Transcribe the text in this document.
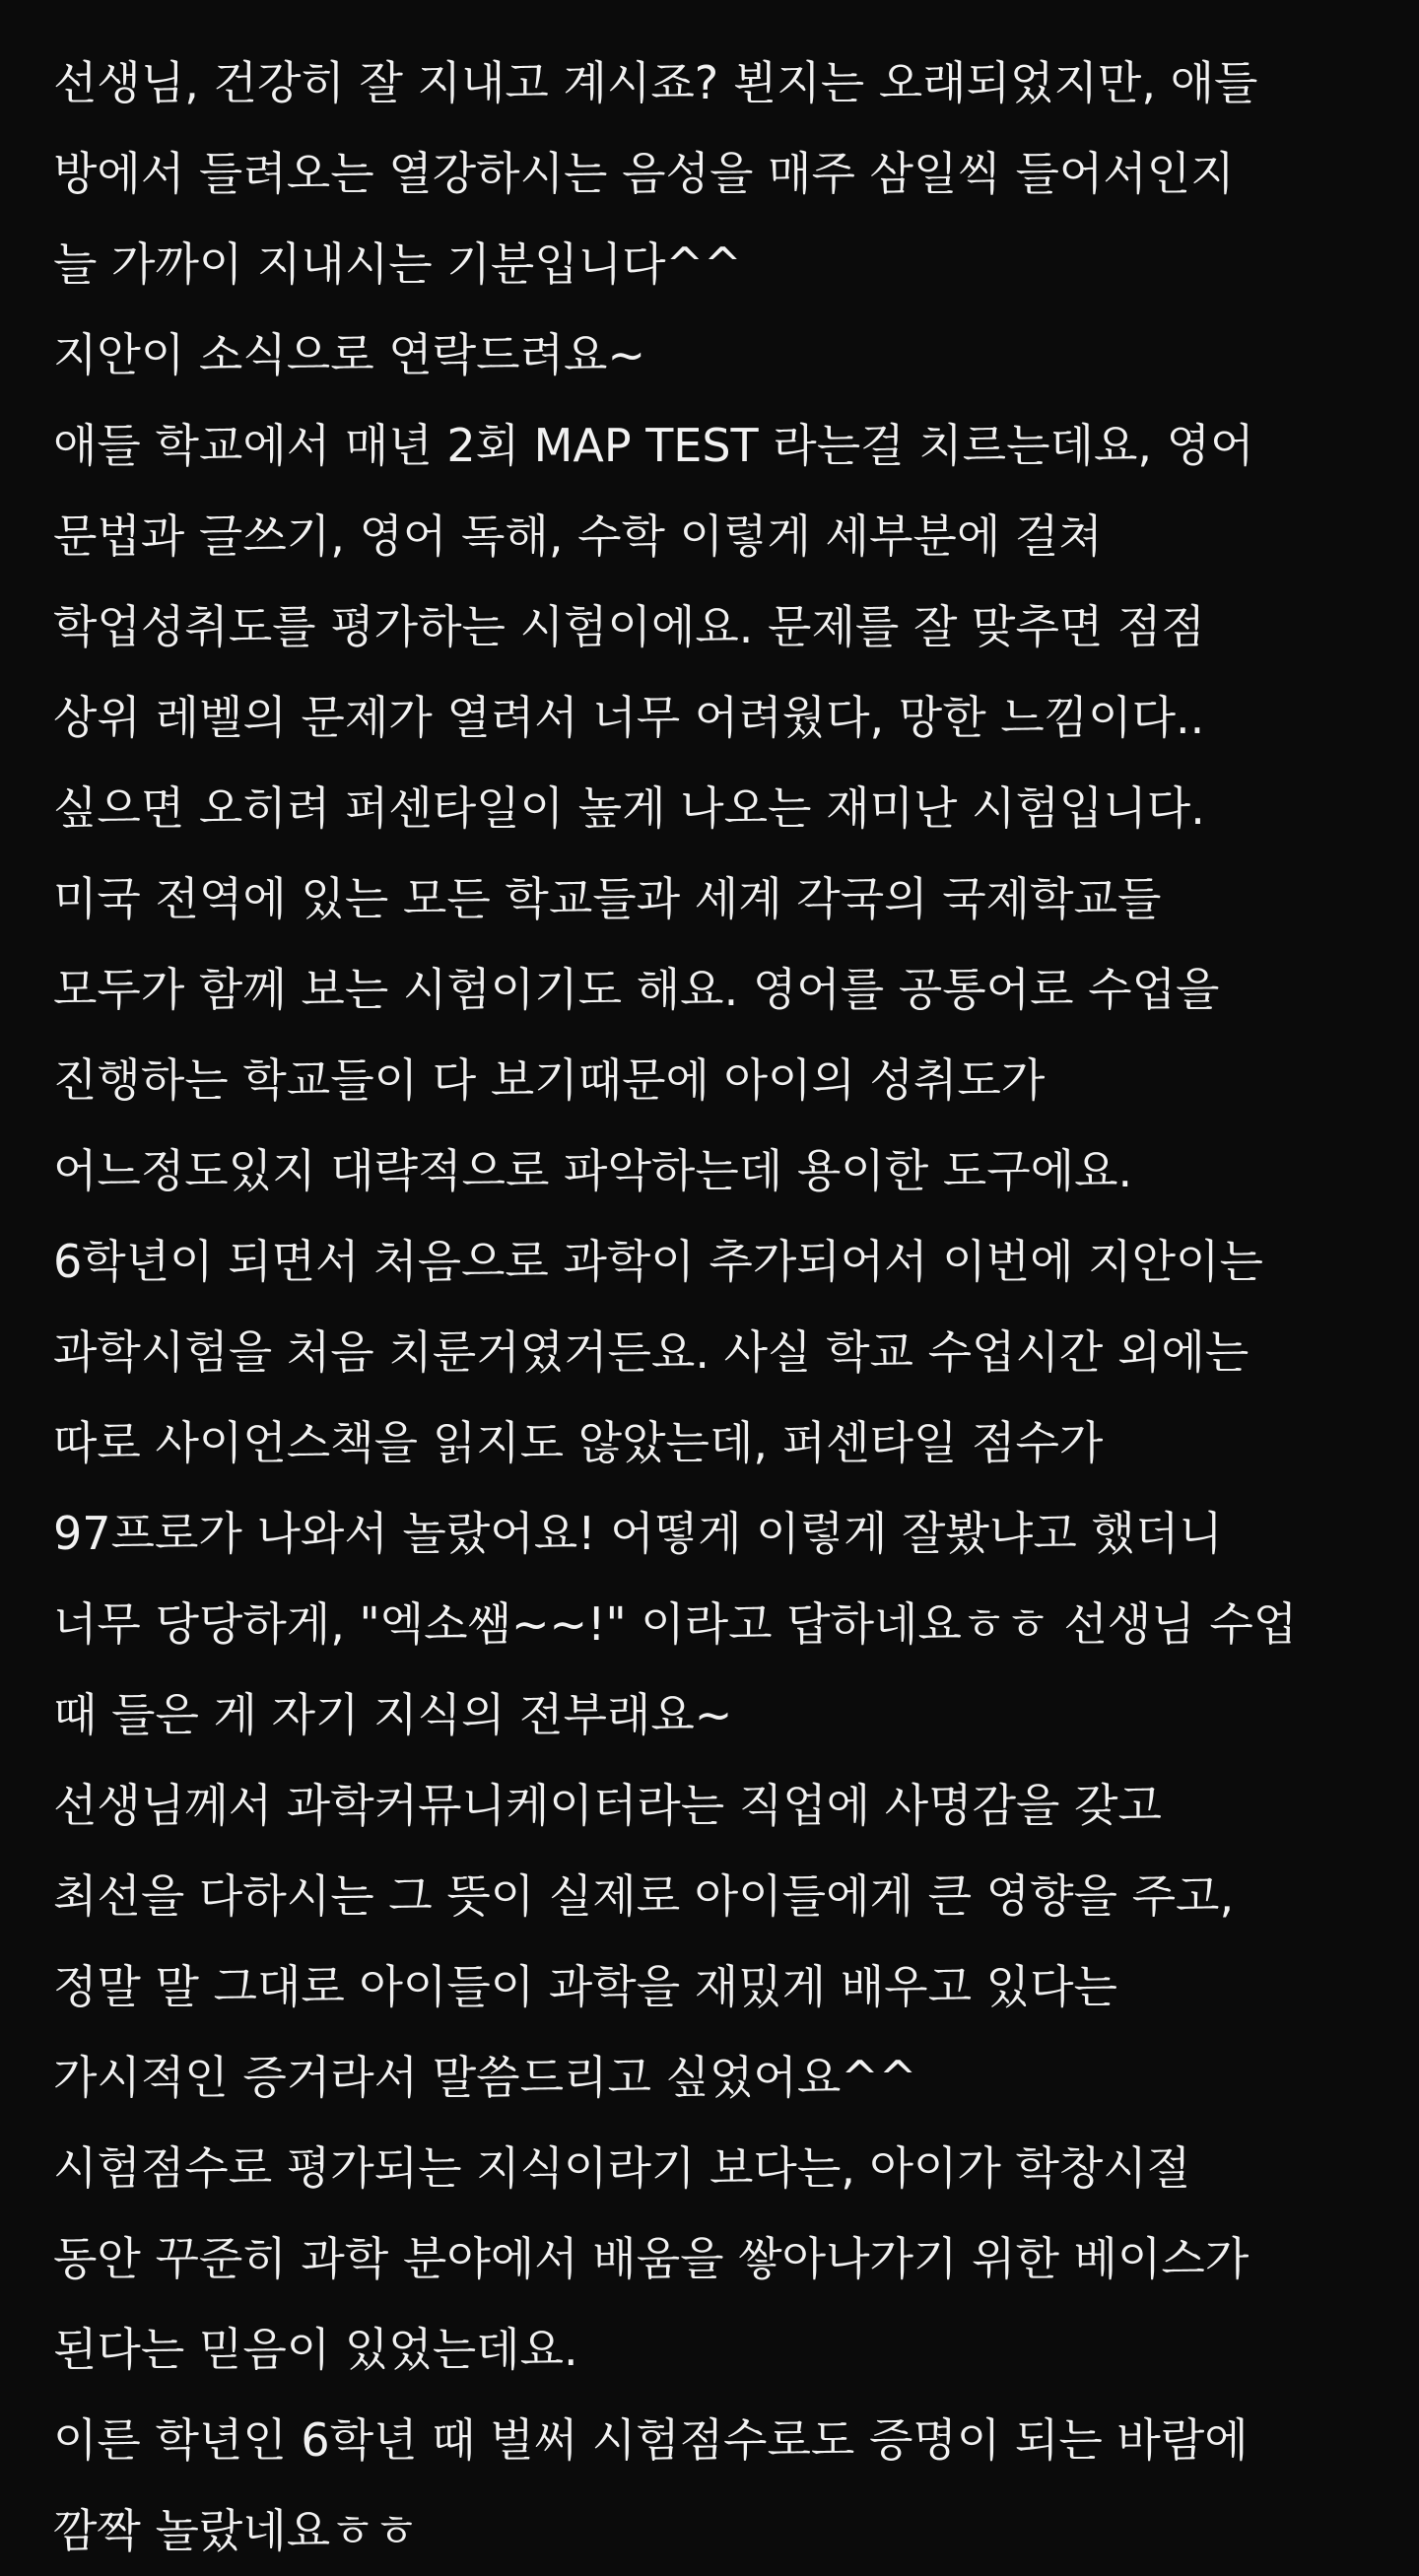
선생님, 건강히 잘 지내고 계시죠? 뵌지는 오래되었지만, 애들
방에서 들려오는 열강하시는 음성을 매주 삼일씩 들어서인지
늘 가까이 지내시는 기분입니다^^
지안이 소식으로 연락드려요~
애들 학교에서 매년 2회 MAP TEST 라는걸 치르는데요, 영어
문법과 글쓰기, 영어 독해, 수학 이렇게 세부분에 걸쳐
학업성취도를 평가하는 시험이에요. 문제를 잘 맞추면 점점
상위 레벨의 문제가 열려서 너무 어려웠다, 망한 느낌이다..
싶으면 오히려 퍼센타일이 높게 나오는 재미난 시험입니다.
미국 전역에 있는 모든 학교들과 세계 각국의 국제학교들
모두가 함께 보는 시험이기도 해요. 영어를 공통어로 수업을
진행하는 학교들이 다 보기때문에 아이의 성취도가
어느정도있지 대략적으로 파악하는데 용이한 도구에요.
6학년이 되면서 처음으로 과학이 추가되어서 이번에 지안이는
과학시험을 처음 치룬거였거든요. 사실 학교 수업시간 외에는
따로 사이언스책을 읽지도 않았는데, 퍼센타일 점수가
97프로가 나와서 놀랐어요! 어떻게 이렇게 잘봤냐고 했더니
너무 당당하게, "엑소쌤~~!" 이라고 답하네요ㅎㅎ 선생님 수업
때 들은 게 자기 지식의 전부래요~
선생님께서 과학커뮤니케이터라는 직업에 사명감을 갖고
최선을 다하시는 그 뜻이 실제로 아이들에게 큰 영향을 주고,
정말 말 그대로 아이들이 과학을 재밌게 배우고 있다는
가시적인 증거라서 말씀드리고 싶었어요^^
시험점수로 평가되는 지식이라기 보다는, 아이가 학창시절
동안 꾸준히 과학 분야에서 배움을 쌓아나가기 위한 베이스가
된다는 믿음이 있었는데요.
이른 학년인 6학년 때 벌써 시험점수로도 증명이 되는 바람에
깜짝 놀랐네요ㅎㅎ
